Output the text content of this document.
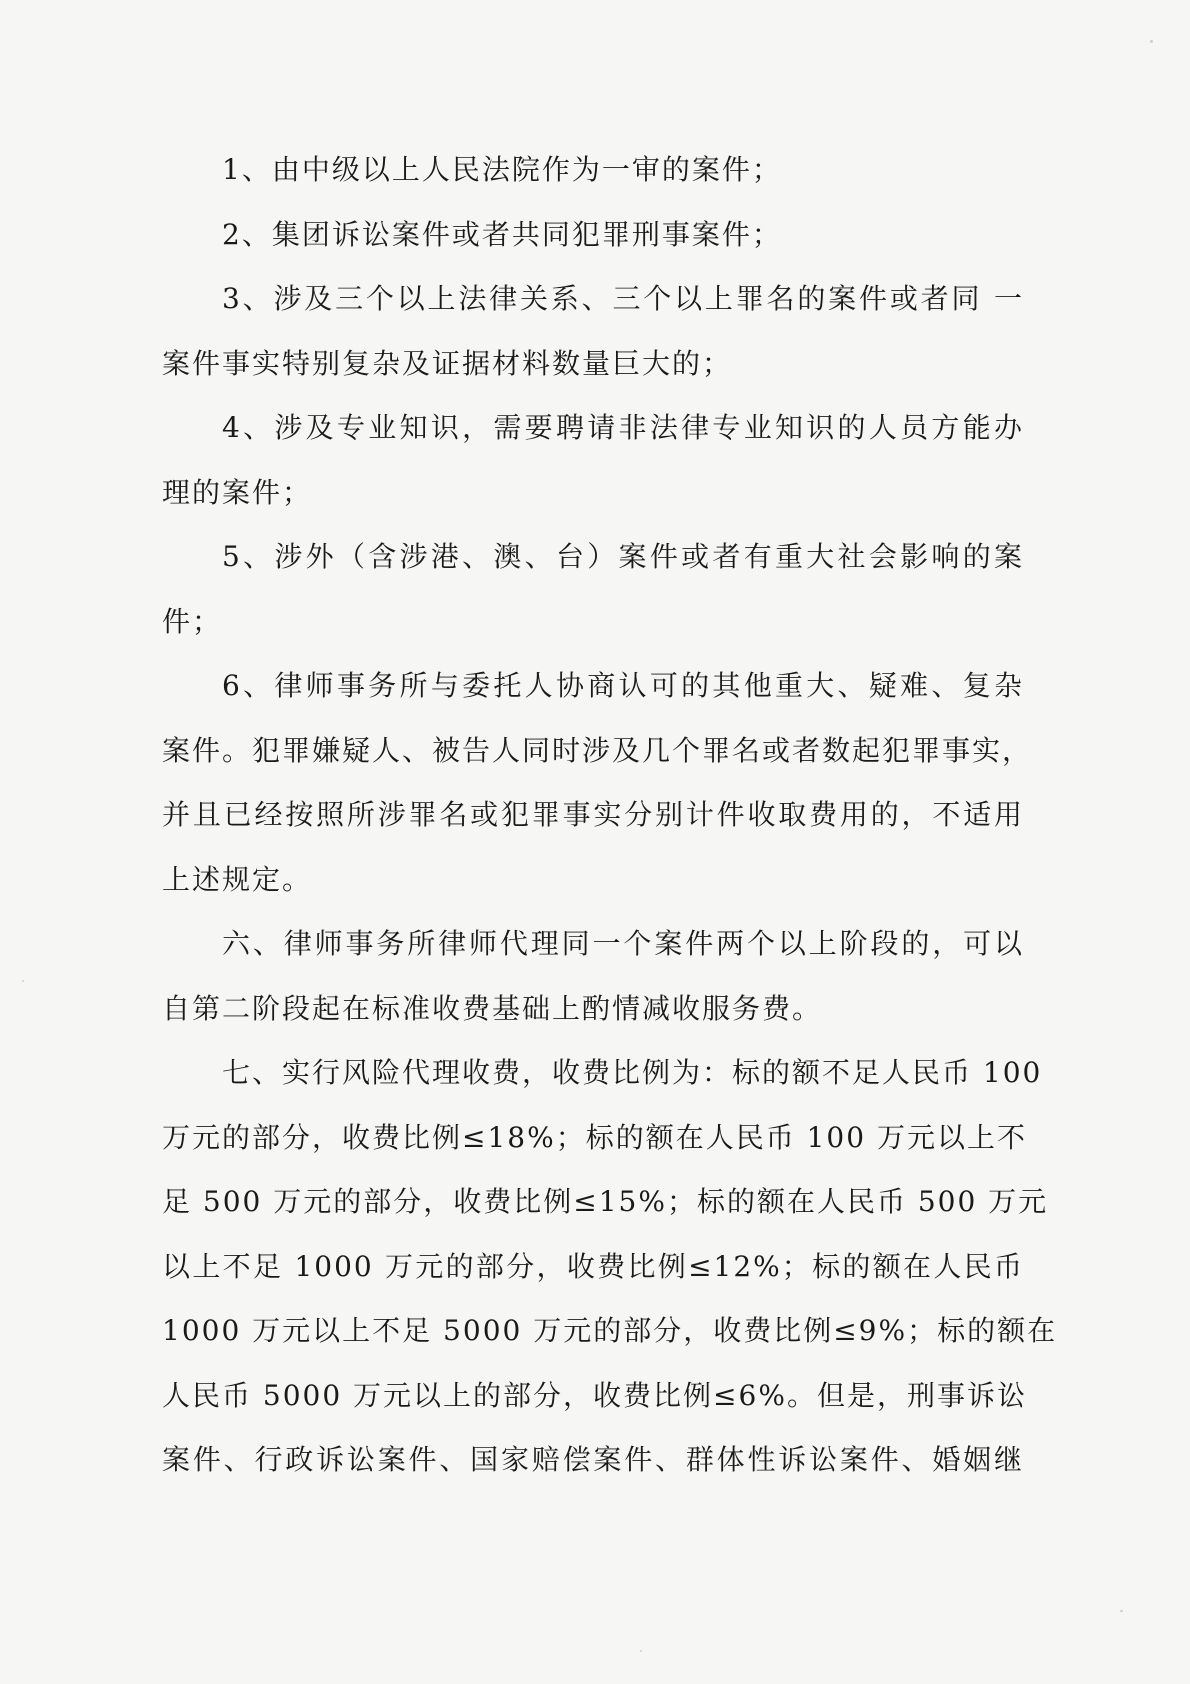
1、由中级以上人民法院作为一审的案件；
2、集团诉讼案件或者共同犯罪刑事案件；
3、涉及三个以上法律关系、三个以上罪名的案件或者同 一
案件事实特别复杂及证据材料数量巨大的；
4、涉及专业知识，需要聘请非法律专业知识的人员方能办
理的案件；
5、涉外（含涉港、澳、台）案件或者有重大社会影响的案
件；
6、律师事务所与委托人协商认可的其他重大、疑难、复杂
案件。犯罪嫌疑人、被告人同时涉及几个罪名或者数起犯罪事实，
并且已经按照所涉罪名或犯罪事实分别计件收取费用的，不适用
上述规定。
六、律师事务所律师代理同一个案件两个以上阶段的，可以
自第二阶段起在标准收费基础上酌情减收服务费。
七、实行风险代理收费，收费比例为：标的额不足人民币 100
万元的部分，收费比例≤18%；标的额在人民币 100 万元以上不
足 500 万元的部分，收费比例≤15%；标的额在人民币 500 万元
以上不足 1000 万元的部分，收费比例≤12%；标的额在人民币
1000 万元以上不足 5000 万元的部分，收费比例≤9%；标的额在
人民币 5000 万元以上的部分，收费比例≤6%。但是，刑事诉讼
案件、行政诉讼案件、国家赔偿案件、群体性诉讼案件、婚姻继
